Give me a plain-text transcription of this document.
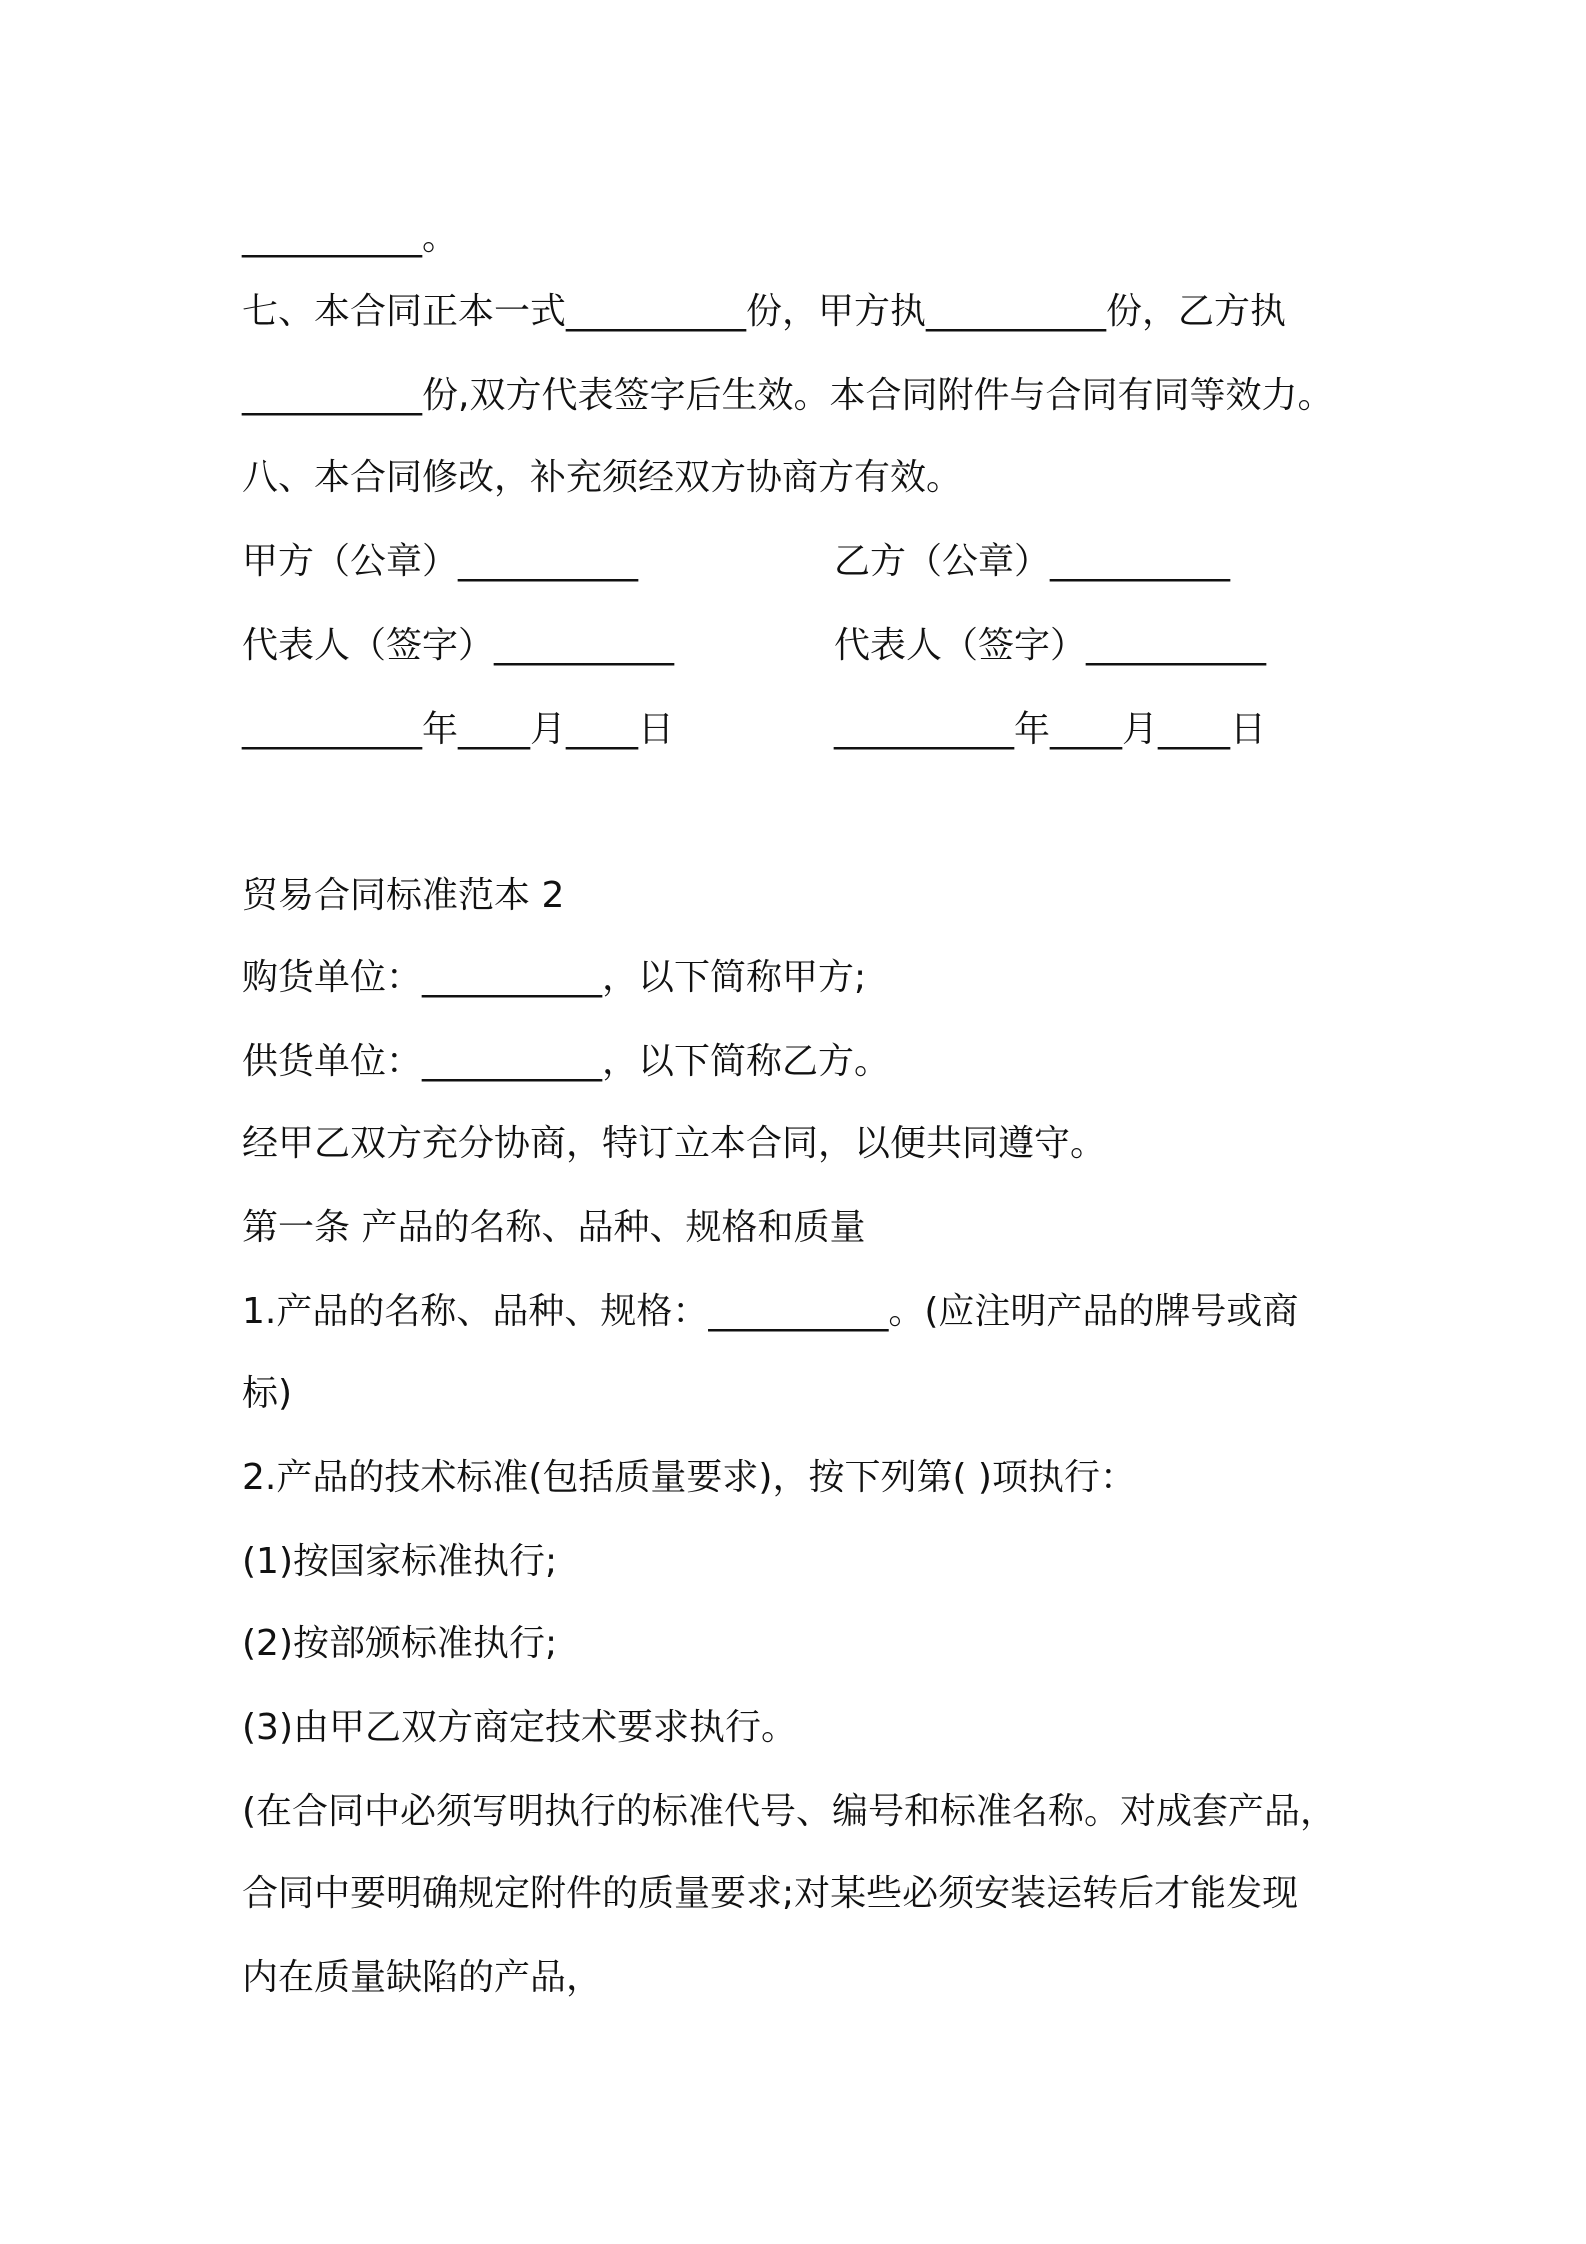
__________。
七、本合同正本一式__________份，甲方执__________份，乙方执
__________份,双方代表签字后生效。本合同附件与合同有同等效力。
八、本合同修改，补充须经双方协商方有效。
甲方（公章）__________	乙方（公章）__________
代表人（签字）__________	代表人（签字）__________
__________年____月____日	__________年____月____日
贸易合同标准范本 2
购货单位：__________，以下简称甲方;
供货单位：__________，以下简称乙方。
经甲乙双方充分协商，特订立本合同，以便共同遵守。
第一条 产品的名称、品种、规格和质量
1.产品的名称、品种、规格：__________。(应注明产品的牌号或商
标)
2.产品的技术标准(包括质量要求)，按下列第( )项执行：
(1)按国家标准执行;
(2)按部颁标准执行;
(3)由甲乙双方商定技术要求执行。
(在合同中必须写明执行的标准代号、编号和标准名称。对成套产品，
合同中要明确规定附件的质量要求;对某些必须安装运转后才能发现
内在质量缺陷的产品，
